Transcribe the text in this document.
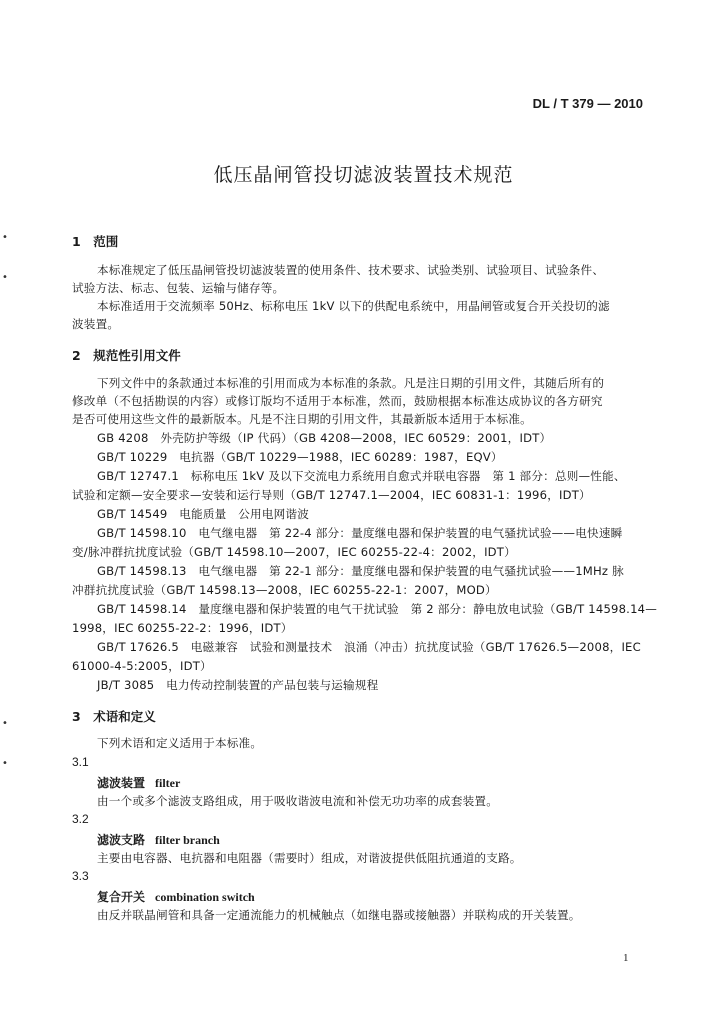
DL / T 379 — 2010
低压晶闸管投切滤波装置技术规范
•
•
•
•
1　范围
本标准规定了低压晶闸管投切滤波装置的使用条件、技术要求、试验类别、试验项目、试验条件、
试验方法、标志、包装、运输与储存等。
本标准适用于交流频率 50Hz、标称电压 1kV 以下的供配电系统中，用晶闸管或复合开关投切的滤
波装置。
2　规范性引用文件
下列文件中的条款通过本标准的引用而成为本标准的条款。凡是注日期的引用文件，其随后所有的
修改单（不包括勘误的内容）或修订版均不适用于本标准，然而，鼓励根据本标准达成协议的各方研究
是否可使用这些文件的最新版本。凡是不注日期的引用文件，其最新版本适用于本标准。
GB 4208　外壳防护等级（IP 代码）（GB 4208—2008，IEC 60529：2001，IDT）
GB/T 10229　电抗器（GB/T 10229—1988，IEC 60289：1987，EQV）
GB/T 12747.1　标称电压 1kV 及以下交流电力系统用自愈式并联电容器　第 1 部分：总则—性能、
试验和定额—安全要求—安装和运行导则（GB/T 12747.1—2004，IEC 60831-1：1996，IDT）
GB/T 14549　电能质量　公用电网谐波
GB/T 14598.10　电气继电器　第 22-4 部分：量度继电器和保护装置的电气骚扰试验——电快速瞬
变/脉冲群抗扰度试验（GB/T 14598.10—2007，IEC 60255-22-4：2002，IDT）
GB/T 14598.13　电气继电器　第 22-1 部分：量度继电器和保护装置的电气骚扰试验——1MHz 脉
冲群抗扰度试验（GB/T 14598.13—2008，IEC 60255-22-1：2007，MOD）
GB/T 14598.14　量度继电器和保护装置的电气干扰试验　第 2 部分：静电放电试验（GB/T 14598.14—
1998，IEC 60255-22-2：1996，IDT）
GB/T 17626.5　电磁兼容　试验和测量技术　浪涌（冲击）抗扰度试验（GB/T 17626.5—2008，IEC
61000-4-5:2005，IDT）
JB/T 3085　电力传动控制装置的产品包装与运输规程
3　术语和定义
下列术语和定义适用于本标准。
3.1
滤波装置 filter
由一个或多个滤波支路组成，用于吸收谐波电流和补偿无功功率的成套装置。
3.2
滤波支路 filter branch
主要由电容器、电抗器和电阻器（需要时）组成，对谐波提供低阻抗通道的支路。
3.3
复合开关 combination switch
由反并联晶闸管和具备一定通流能力的机械触点（如继电器或接触器）并联构成的开关装置。
1
